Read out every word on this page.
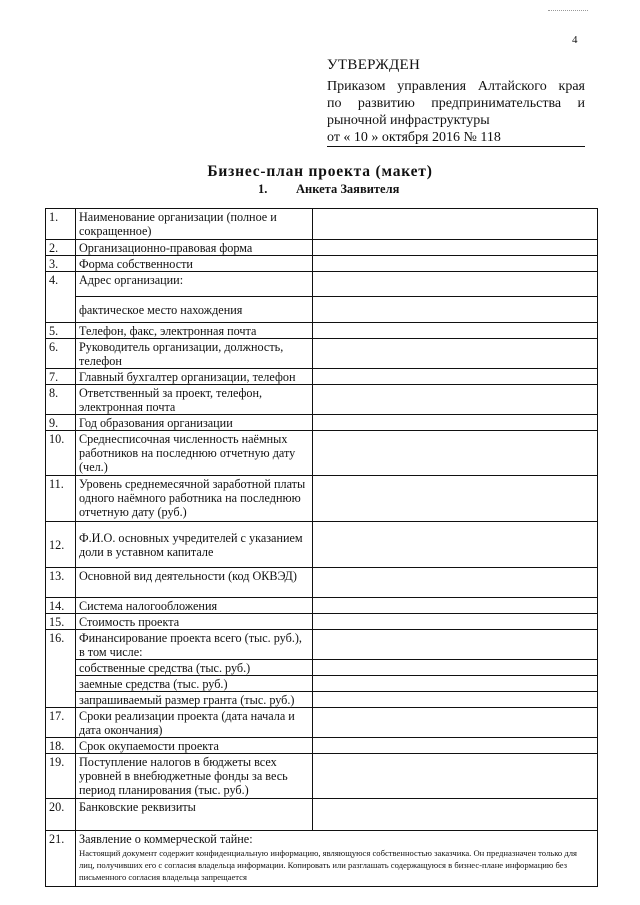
4
УТВЕРЖДЕН
Приказом управления Алтайского края
по развитию предпринимательства и
рыночной инфраструктуры
от « 10 » октября 2016 № 118
Бизнес-план проекта (макет)
1. Анкета Заявителя
1.	Наименование организации (полное и сокращенное)	
2.	Организационно-правовая форма	
3.	Форма собственности	
4.	Адрес организации:	
	фактическое место нахождения	
5.	Телефон, факс, электронная почта	
6.	Руководитель организации, должность, телефон	
7.	Главный бухгалтер организации, телефон	
8.	Ответственный за проект, телефон, электронная почта	
9.	Год образования организации	
10.	Среднесписочная численность наёмных работников на последнюю отчетную дату (чел.)	
11.	Уровень среднемесячной заработной платы одного наёмного работника на последнюю отчетную дату (руб.)	
12.	Ф.И.О. основных учредителей с указанием доли в уставном капитале	
13.	Основной вид деятельности (код ОКВЭД)	
14.	Система налогообложения	
15.	Стоимость проекта	
16.	Финансирование проекта всего (тыс. руб.), в том числе:	
	собственные средства (тыс. руб.)	
	заемные средства (тыс. руб.)	
	запрашиваемый размер гранта (тыс. руб.)	
17.	Сроки реализации проекта (дата начала и дата окончания)	
18.	Срок окупаемости проекта	
19.	Поступление налогов в бюджеты всех уровней в внебюджетные фонды за весь период планирования (тыс. руб.)	
20.	Банковские реквизиты	
21.	Заявление о коммерческой тайне:
Настоящий документ содержит конфиденциальную информацию, являющуюся собственностью заказчика. Он предназначен только для лиц, получивших его с согласия владельца информации. Копировать или разглашать содержащуюся в бизнес-плане информацию без письменного согласия владельца запрещается	
